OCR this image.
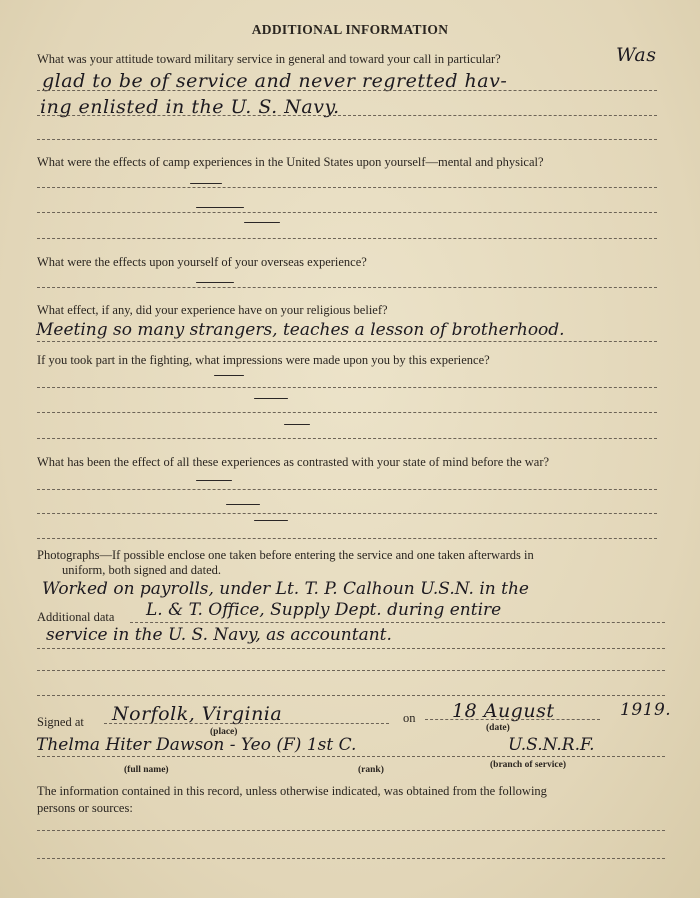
ADDITIONAL INFORMATION
What was your attitude toward military service in general and toward your call in particular?	Was
glad to be of service and never regretted hav-
ing enlisted in the U. S. Navy.
What were the effects of camp experiences in the United States upon yourself—mental and physical?
What were the effects upon yourself of your overseas experience?
What effect, if any, did your experience have on your religious belief?
Meeting so many strangers, teaches a lesson of brotherhood.
If you took part in the fighting, what impressions were made upon you by this experience?
What has been the effect of all these experiences as contrasted with your state of mind before the war?
Photographs—If possible enclose one taken before entering the service and one taken afterwards in
uniform, both signed and dated.
Worked on payrolls, under Lt. T. P. Calhoun U.S.N. in the
Additional data L. & T. Office, Supply Dept. during entire
service in the U. S. Navy, as accountant.
Signed at Norfolk, Virginia
(place)
on 18 August	1919.
(date)
Thelma Hiter Dawson - Yeo (F) 1st C.	U.S.N.R.F.
(full name)	(rank)	(branch of service)
The information contained in this record, unless otherwise indicated, was obtained from the following
persons or sources:
